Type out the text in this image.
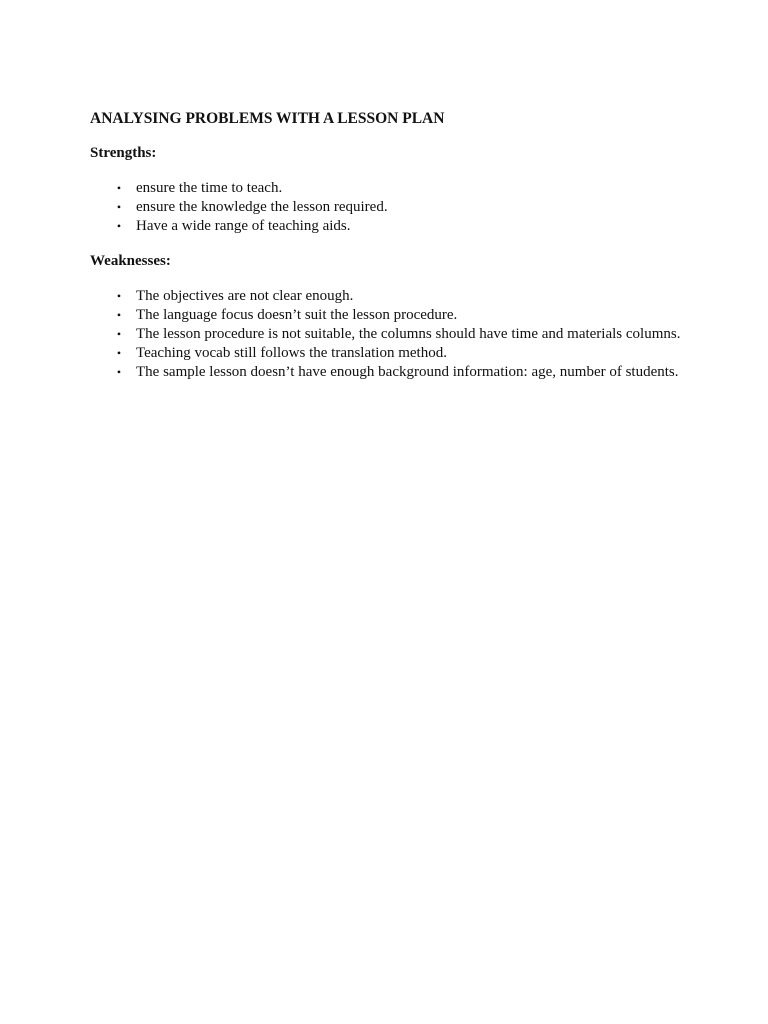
ANALYSING PROBLEMS WITH A LESSON PLAN
Strengths:
• ensure the time to teach.
• ensure the knowledge the lesson required.
• Have a wide range of teaching aids.
Weaknesses:
• The objectives are not clear enough.
• The language focus doesn’t suit the lesson procedure.
• The lesson procedure is not suitable, the columns should have time and materials columns.
• Teaching vocab still follows the translation method.
• The sample lesson doesn’t have enough background information: age, number of students.
